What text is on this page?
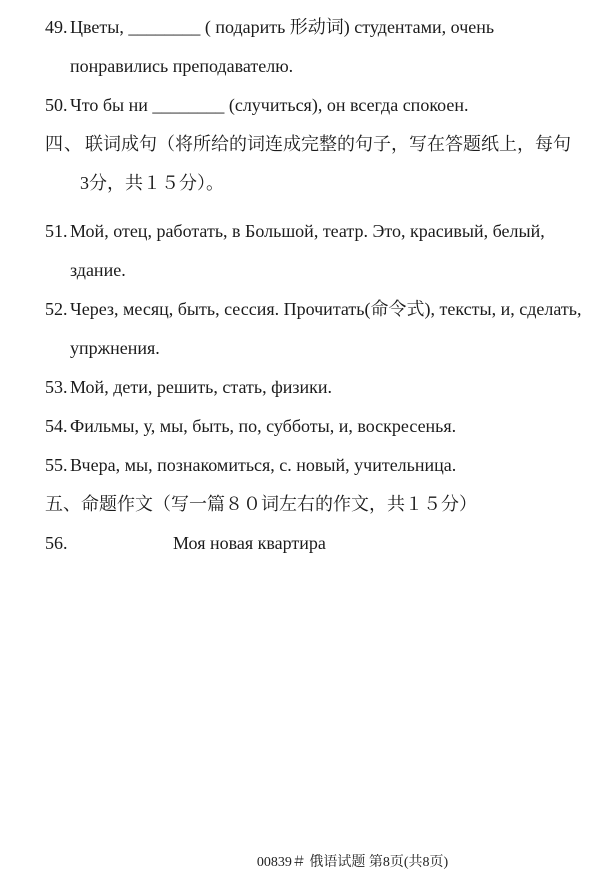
49. Цветы, ________ ( подарить 形动词) студентами, очень
понравились преподавателю.
50. Что бы ни ________ (случиться), он всегда спокоен.
四、 联词成句（将所给的词连成完整的句子，写在答题纸上，每句
3分，共１５分）。
51. Мой, отец, работать, в Большой, театр. Это, красивый, белый,
здание.
52. Через, месяц, быть, сессия. Прочитать(命令式), тексты, и, сделать,
упржнения.
53. Мой, дети, решить, стать, физики.
54. Фильмы, у, мы, быть, по, субботы, и, воскресенья.
55. Вчера, мы, познакомиться, с. новый, учительница.
五、命题作文（写一篇８０词左右的作文，共１５分）
56.	Моя новая квартира
00839＃ 俄语试题 第8页(共8页)
